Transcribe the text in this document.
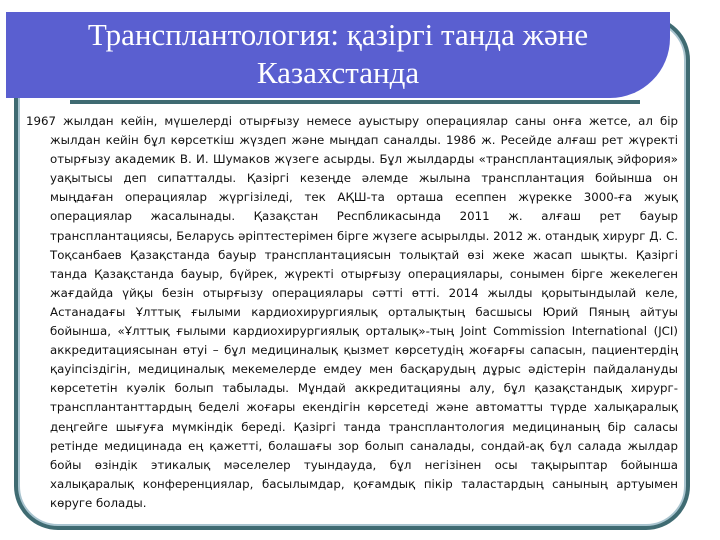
Трансплантология: қазіргі танда және
Казахстанда

1967 жылдан кейін, мүшелерді отырғызу немесе ауыстыру операциялар саны онға жетсе, ал бір жылдан кейін бұл көрсеткіш жүздеп және мыңдап саналды. 1986 ж. Ресейде алғаш рет жүректі отырғызу академик В. И. Шумаков жүзеге асырды. Бұл жылдарды «трансплантациялық эйфория» уақытысы деп сипатталды. Қазіргі кезеңде әлемде жылына трансплантация бойынша он мыңдаған операциялар жүргізіледі, тек АҚШ-та орташа есеппен жүрекке 3000-ға жуық операциялар жасалынады. Қазақстан Респбликасында 2011 ж. алғаш рет бауыр трансплантациясы, Беларусь әріптестерімен бірге жүзеге асырылды. 2012 ж. отандық хирург Д. С. Тоқсанбаев Қазақстанда бауыр трансплантациясын толықтай өзі жеке жасап шықты. Қазіргі танда Қазақстанда бауыр, бүйрек, жүректі отырғызу операциялары, сонымен бірге жекелеген жағдайда үйқы безін отырғызу операциялары сәтті өтті. 2014 жылды қорытындылай келе, Астанадағы Ұлттық ғылыми кардиохирургиялық орталықтың басшысы Юрий Пяның айтуы бойынша, «Ұлттық ғылыми кардиохирургиялық орталық»-тың Joint Commission International (JCI) аккредитациясынан өтуі – бұл медициналық қызмет көрсетудің жоғарғы сапасын, пациентердің қауіпсіздігін, медициналық мекемелерде емдеу мен басқарудың дұрыс әдістерін пайдалануды көрсететін куәлік болып табылады. Мұндай аккредитацияны алу, бұл қазақстандық хирург-трансплантанттардың беделі жоғары екендігін көрсетеді және автоматты түрде халықаралық деңгейге шығуға мүмкіндік береді. Қазіргі танда трансплантология медицинаның бір саласы ретінде медицинада ең қажетті, болашағы зор болып саналады, сондай-ақ бұл салада жылдар бойы өзіндік этикалық мәселелер туындауда, бұл негізінен осы тақырыптар бойынша халықаралық конференциялар, басылымдар, қоғамдық пікір таластардың санының артуымен көруге болады.
